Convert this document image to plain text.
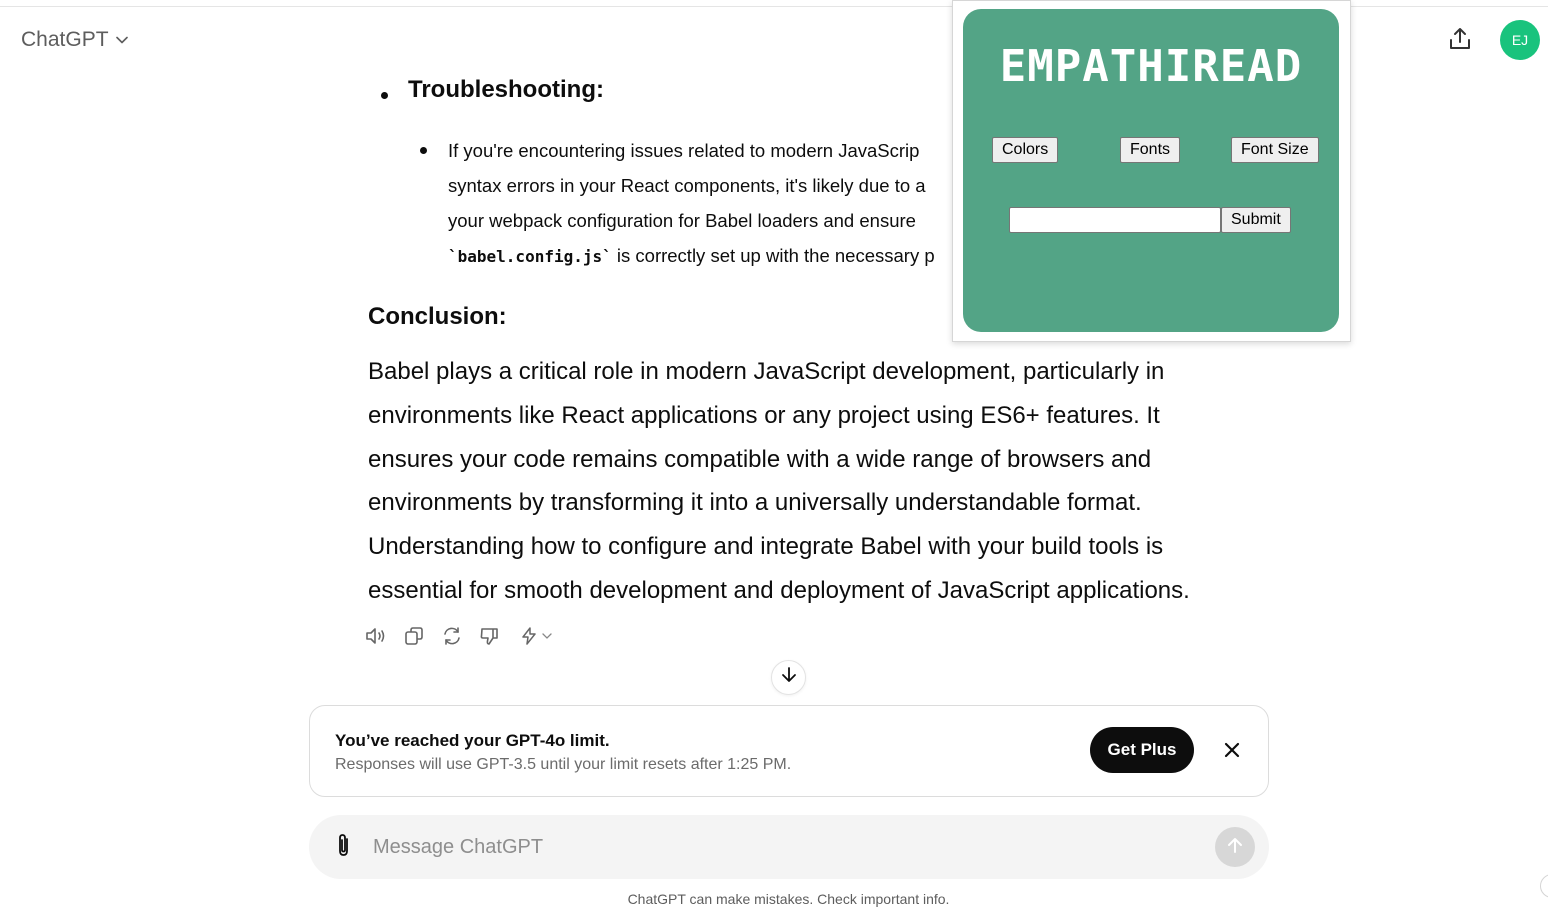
ChatGPT	EJ
Troubleshooting:
If you're encountering issues related to modern JavaScrip
syntax errors in your React components, it's likely due to a
your webpack configuration for Babel loaders and ensure
`babel.config.js` is correctly set up with the necessary p
Conclusion:
Babel plays a critical role in modern JavaScript development, particularly in
environments like React applications or any project using ES6+ features. It
ensures your code remains compatible with a wide range of browsers and
environments by transforming it into a universally understandable format.
Understanding how to configure and integrate Babel with your build tools is
essential for smooth development and deployment of JavaScript applications.
You’ve reached your GPT-4o limit.
Responses will use GPT-3.5 until your limit resets after 1:25 PM.
Get Plus
Message ChatGPT
ChatGPT can make mistakes. Check important info.
EMPATHIREAD
Colors	Fonts	Font Size
Submit
